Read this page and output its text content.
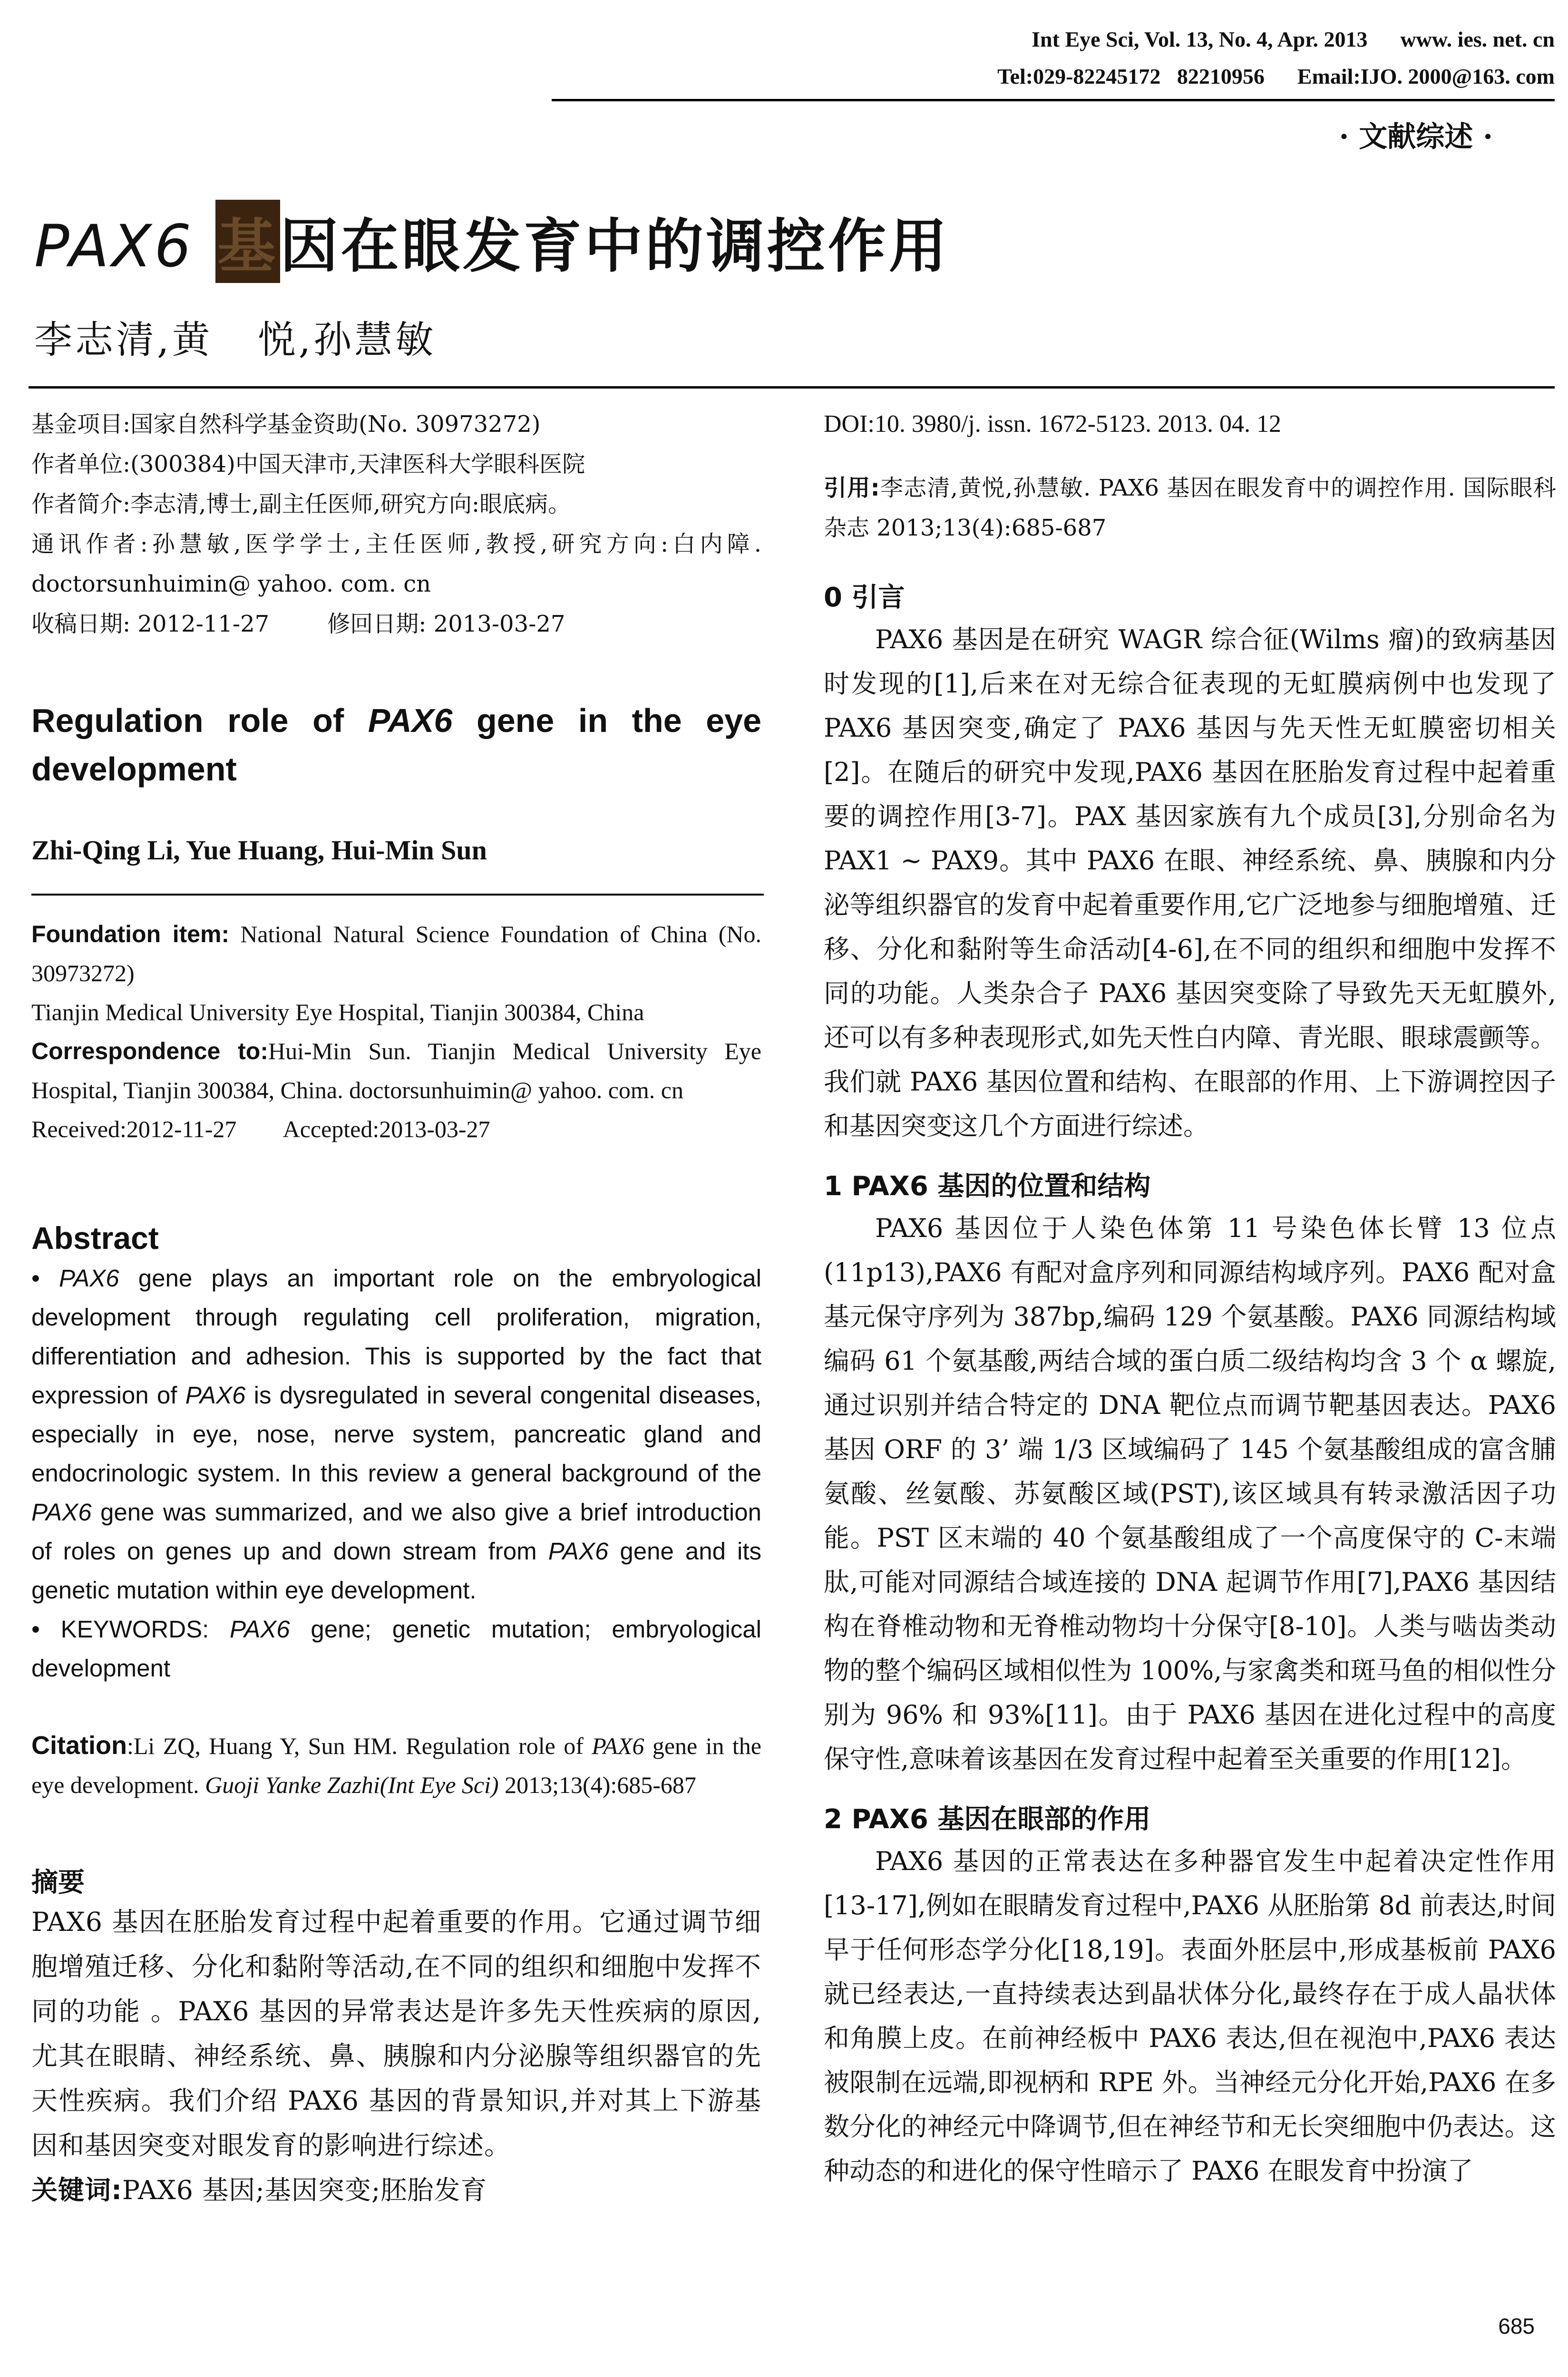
Int Eye Sci, Vol. 13, No. 4, Apr. 2013      www. ies. net. cn
Tel:029-82245172   82210956      Email:IJO. 2000@163. com
· 文献综述 ·
PAX6 基因在眼发育中的调控作用
李志清,黄   悦,孙慧敏
基金项目:国家自然科学基金资助(No. 30973272)
作者单位:(300384)中国天津市,天津医科大学眼科医院
作者简介:李志清,博士,副主任医师,研究方向:眼底病。
通讯作者:孙慧敏,医学学士,主任医师,教授,研究方向:白内障. doctorsunhuimin@ yahoo. com. cn
收稿日期: 2012-11-27        修回日期: 2013-03-27
Regulation role of PAX6 gene in the eye development
Zhi-Qing Li, Yue Huang, Hui-Min Sun
Foundation item: National Natural Science Foundation of China (No. 30973272)
Tianjin Medical University Eye Hospital, Tianjin 300384, China
Correspondence to:Hui-Min Sun. Tianjin Medical University Eye Hospital, Tianjin 300384, China. doctorsunhuimin@ yahoo. com. cn
Received:2012-11-27        Accepted:2013-03-27
Abstract

• PAX6 gene plays an important role on the embryological development through regulating cell proliferation, migration, differentiation and adhesion. This is supported by the fact that expression of PAX6 is dysregulated in several congenital diseases, especially in eye, nose, nerve system, pancreatic gland and endocrinologic system. In this review a general background of the PAX6 gene was summarized, and we also give a brief introduction of roles on genes up and down stream from PAX6 gene and its genetic mutation within eye development.

• KEYWORDS: PAX6 gene; genetic mutation; embryological development

Citation:Li ZQ, Huang Y, Sun HM. Regulation role of PAX6 gene in the eye development. Guoji Yanke Zazhi(Int Eye Sci) 2013;13(4):685-687
摘要

PAX6 基因在胚胎发育过程中起着重要的作用。它通过调节细胞增殖迁移、分化和黏附等活动,在不同的组织和细胞中发挥不同的功能 。PAX6 基因的异常表达是许多先天性疾病的原因,尤其在眼睛、神经系统、鼻、胰腺和内分泌腺等组织器官的先天性疾病。我们介绍 PAX6 基因的背景知识,并对其上下游基因和基因突变对眼发育的影响进行综述。

关键词:PAX6 基因;基因突变;胚胎发育

DOI:10. 3980/j. issn. 1672-5123. 2013. 04. 12
引用:李志清,黄悦,孙慧敏. PAX6 基因在眼发育中的调控作用. 国际眼科杂志 2013;13(4):685-687
0 引言

PAX6 基因是在研究 WAGR 综合征(Wilms 瘤)的致病基因时发现的[1],后来在对无综合征表现的无虹膜病例中也发现了 PAX6 基因突变,确定了 PAX6 基因与先天性无虹膜密切相关[2]。在随后的研究中发现,PAX6 基因在胚胎发育过程中起着重要的调控作用[3-7]。PAX 基因家族有九个成员[3],分别命名为 PAX1 ~ PAX9。其中 PAX6 在眼、神经系统、鼻、胰腺和内分泌等组织器官的发育中起着重要作用,它广泛地参与细胞增殖、迁移、分化和黏附等生命活动[4-6],在不同的组织和细胞中发挥不同的功能。人类杂合子 PAX6 基因突变除了导致先天无虹膜外,还可以有多种表现形式,如先天性白内障、青光眼、眼球震颤等。我们就 PAX6 基因位置和结构、在眼部的作用、上下游调控因子和基因突变这几个方面进行综述。

1 PAX6 基因的位置和结构

PAX6 基因位于人染色体第 11 号染色体长臂 13 位点(11p13),PAX6 有配对盒序列和同源结构域序列。PAX6 配对盒基元保守序列为 387bp,编码 129 个氨基酸。PAX6 同源结构域编码 61 个氨基酸,两结合域的蛋白质二级结构均含 3 个 α 螺旋,通过识别并结合特定的 DNA 靶位点而调节靶基因表达。PAX6 基因 ORF 的 3’ 端 1/3 区域编码了 145 个氨基酸组成的富含脯氨酸、丝氨酸、苏氨酸区域(PST),该区域具有转录激活因子功能。PST 区末端的 40 个氨基酸组成了一个高度保守的 C-末端肽,可能对同源结合域连接的 DNA 起调节作用[7],PAX6 基因结构在脊椎动物和无脊椎动物均十分保守[8-10]。人类与啮齿类动物的整个编码区域相似性为 100%,与家禽类和斑马鱼的相似性分别为 96% 和 93%[11]。由于 PAX6 基因在进化过程中的高度保守性,意味着该基因在发育过程中起着至关重要的作用[12]。

2 PAX6 基因在眼部的作用

PAX6 基因的正常表达在多种器官发生中起着决定性作用[13-17],例如在眼睛发育过程中,PAX6 从胚胎第 8d 前表达,时间早于任何形态学分化[18,19]。表面外胚层中,形成基板前 PAX6 就已经表达,一直持续表达到晶状体分化,最终存在于成人晶状体和角膜上皮。在前神经板中 PAX6 表达,但在视泡中,PAX6 表达被限制在远端,即视柄和 RPE 外。当神经元分化开始,PAX6 在多数分化的神经元中降调节,但在神经节和无长突细胞中仍表达。这种动态的和进化的保守性暗示了 PAX6 在眼发育中扮演了

685
